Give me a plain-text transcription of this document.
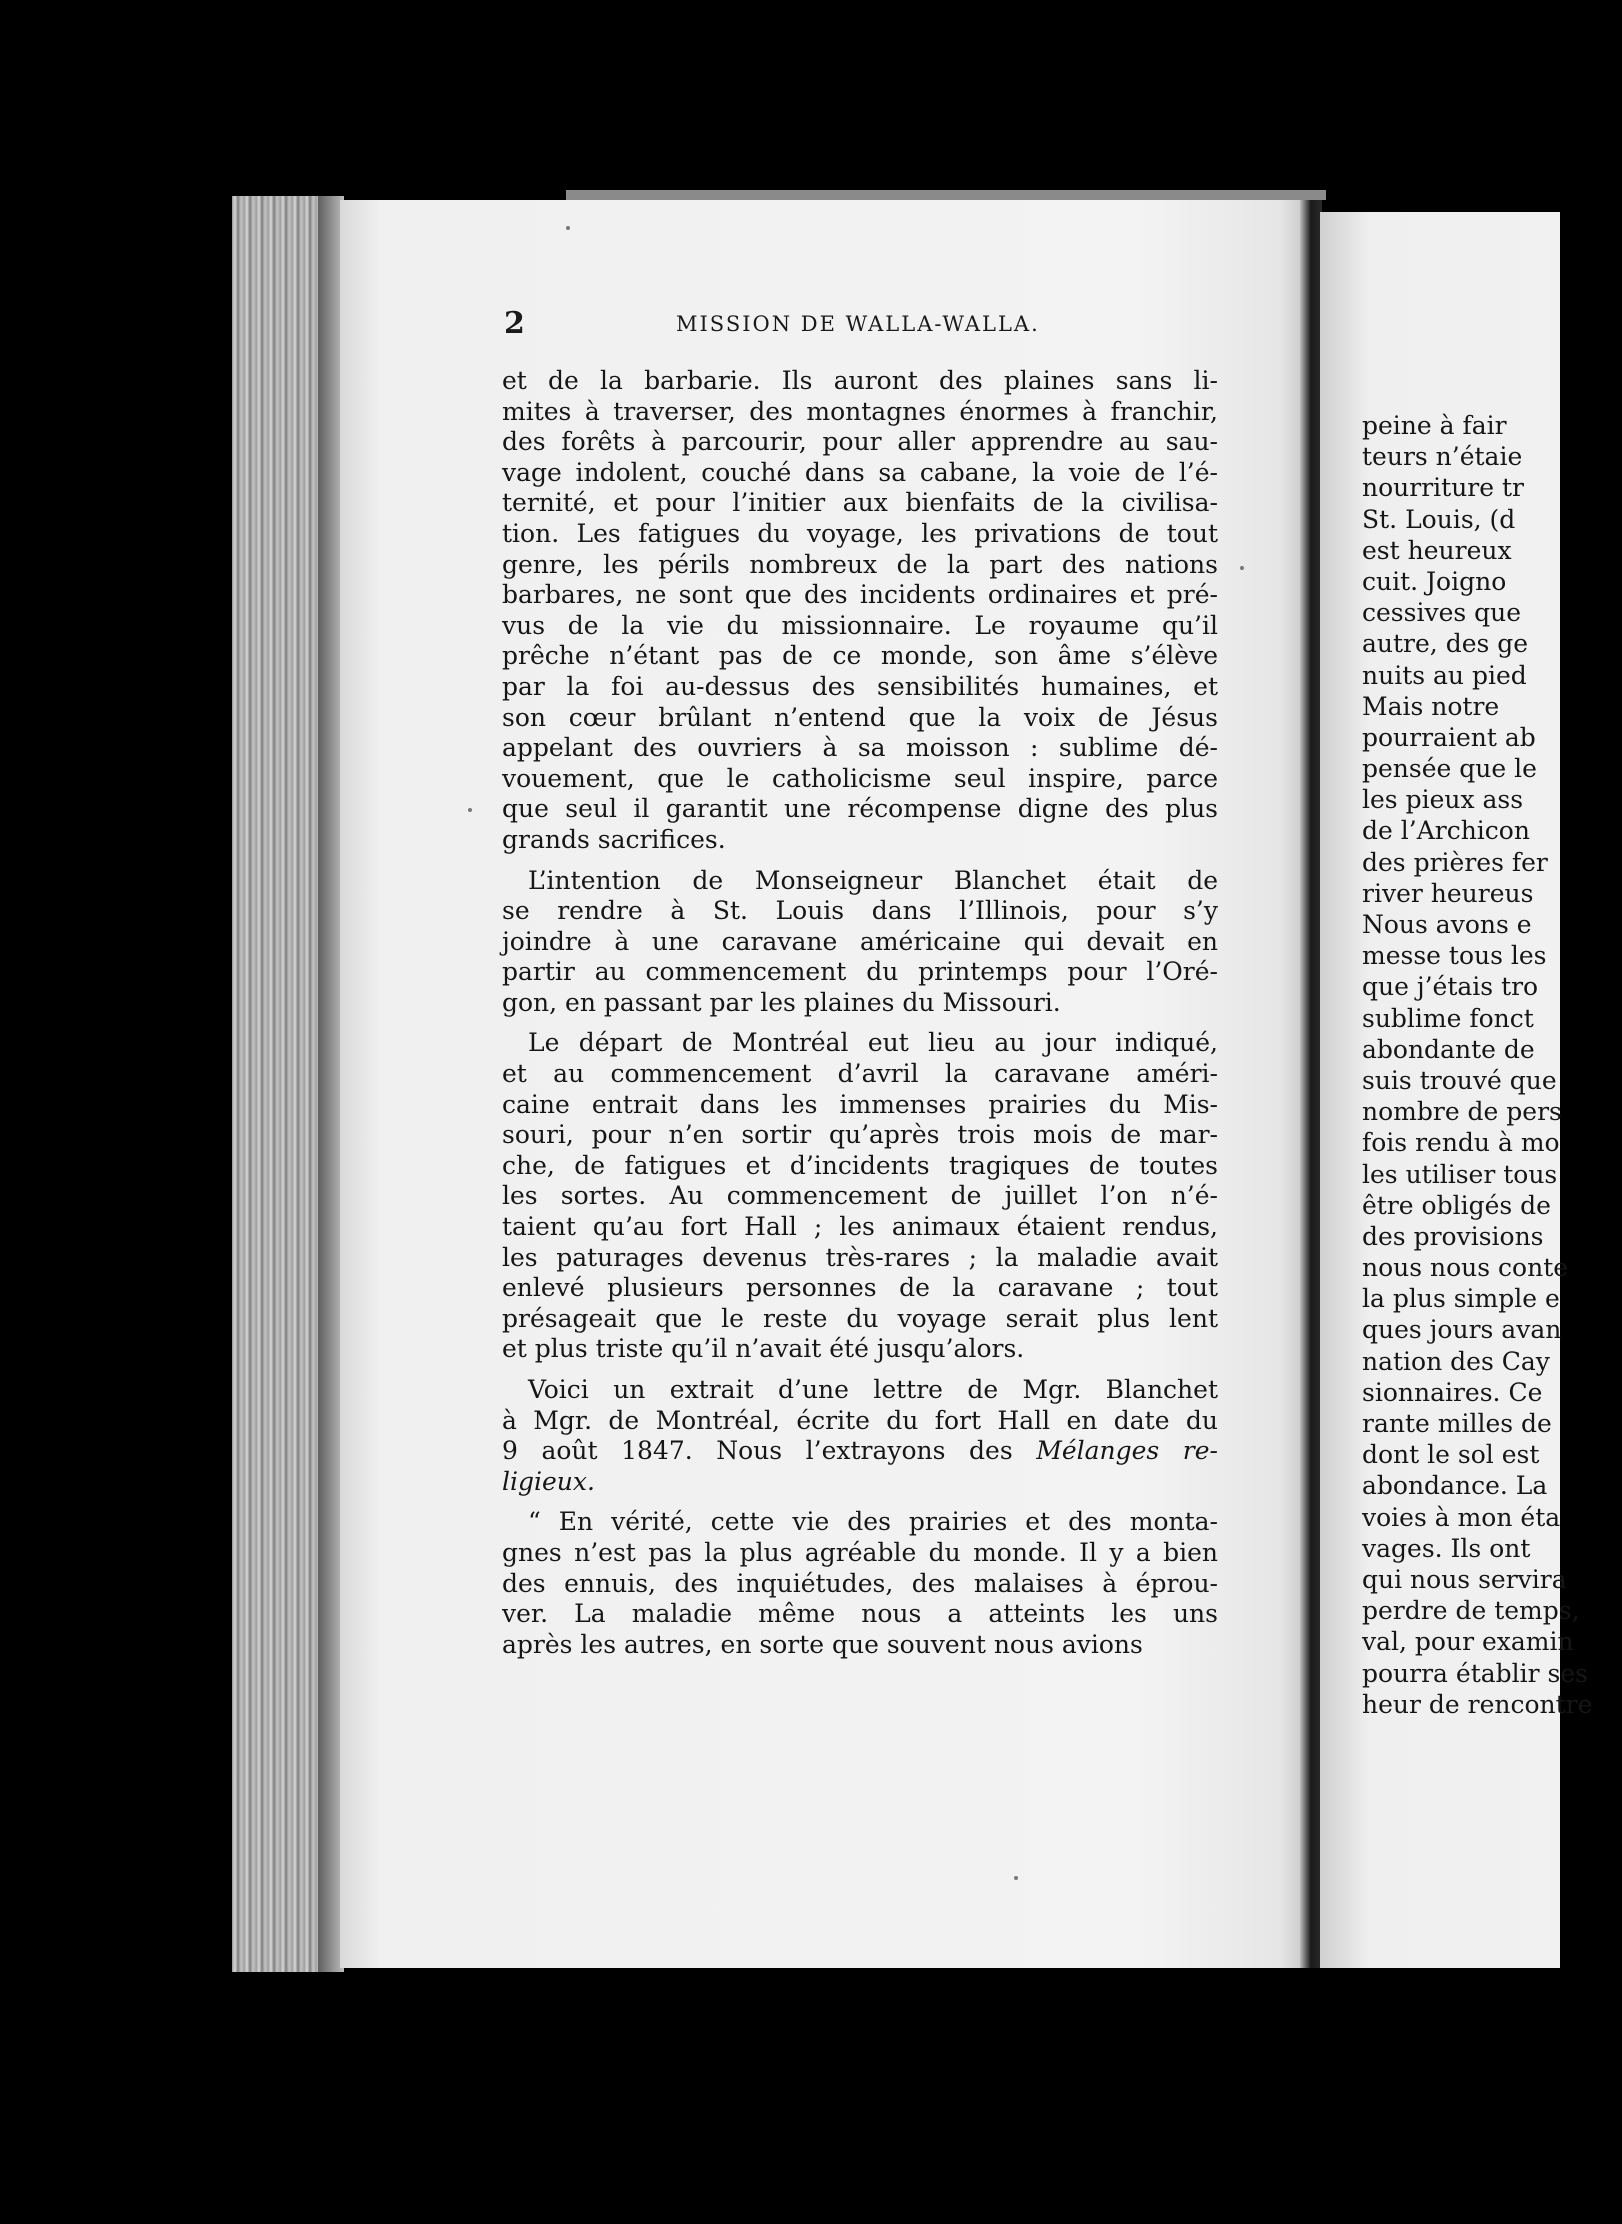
2	MISSION DE WALLA-WALLA.
et de la barbarie. Ils auront des plaines sans li-
mites à traverser, des montagnes énormes à franchir,
des forêts à parcourir, pour aller apprendre au sau-
vage indolent, couché dans sa cabane, la voie de l’é-
ternité, et pour l’initier aux bienfaits de la civilisa-
tion. Les fatigues du voyage, les privations de tout
genre, les périls nombreux de la part des nations
barbares, ne sont que des incidents ordinaires et pré-
vus de la vie du missionnaire. Le royaume qu’il
prêche n’étant pas de ce monde, son âme s’élève
par la foi au-dessus des sensibilités humaines, et
son cœur brûlant n’entend que la voix de Jésus
appelant des ouvriers à sa moisson : sublime dé-
vouement, que le catholicisme seul inspire, parce
que seul il garantit une récompense digne des plus
grands sacrifices.
L’intention de Monseigneur Blanchet était de
se rendre à St. Louis dans l’Illinois, pour s’y
joindre à une caravane américaine qui devait en
partir au commencement du printemps pour l’Oré-
gon, en passant par les plaines du Missouri.
Le départ de Montréal eut lieu au jour indiqué,
et au commencement d’avril la caravane améri-
caine entrait dans les immenses prairies du Mis-
souri, pour n’en sortir qu’après trois mois de mar-
che, de fatigues et d’incidents tragiques de toutes
les sortes. Au commencement de juillet l’on n’é-
taient qu’au fort Hall ; les animaux étaient rendus,
les paturages devenus très-rares ; la maladie avait
enlevé plusieurs personnes de la caravane ; tout
présageait que le reste du voyage serait plus lent
et plus triste qu’il n’avait été jusqu’alors.
Voici un extrait d’une lettre de Mgr. Blanchet
à Mgr. de Montréal, écrite du fort Hall en date du
9 août 1847. Nous l’extrayons des Mélanges re-
ligieux.
“ En vérité, cette vie des prairies et des monta-
gnes n’est pas la plus agréable du monde. Il y a bien
des ennuis, des inquiétudes, des malaises à éprou-
ver. La maladie même nous a atteints les uns
après les autres, en sorte que souvent nous avions
peine à fair
teurs n’étaie
nourriture tr
St. Louis, (d
est heureux
cuit. Joigno
cessives que
autre, des ge
nuits au pied
Mais notre
pourraient ab
pensée que le
les pieux ass
de l’Archicon
des prières fer
river heureus
Nous avons e
messe tous les
que j’étais tro
sublime fonct
abondante de
suis trouvé que
nombre de pers
fois rendu à mo
les utiliser tous
être obligés de
des provisions
nous nous conte
la plus simple e
ques jours avan
nation des Cay
sionnaires. Ce
rante milles de
dont le sol est
abondance. La
voies à mon éta
vages. Ils ont
qui nous servira
perdre de temps,
val, pour examin
pourra établir ses
heur de rencontre
